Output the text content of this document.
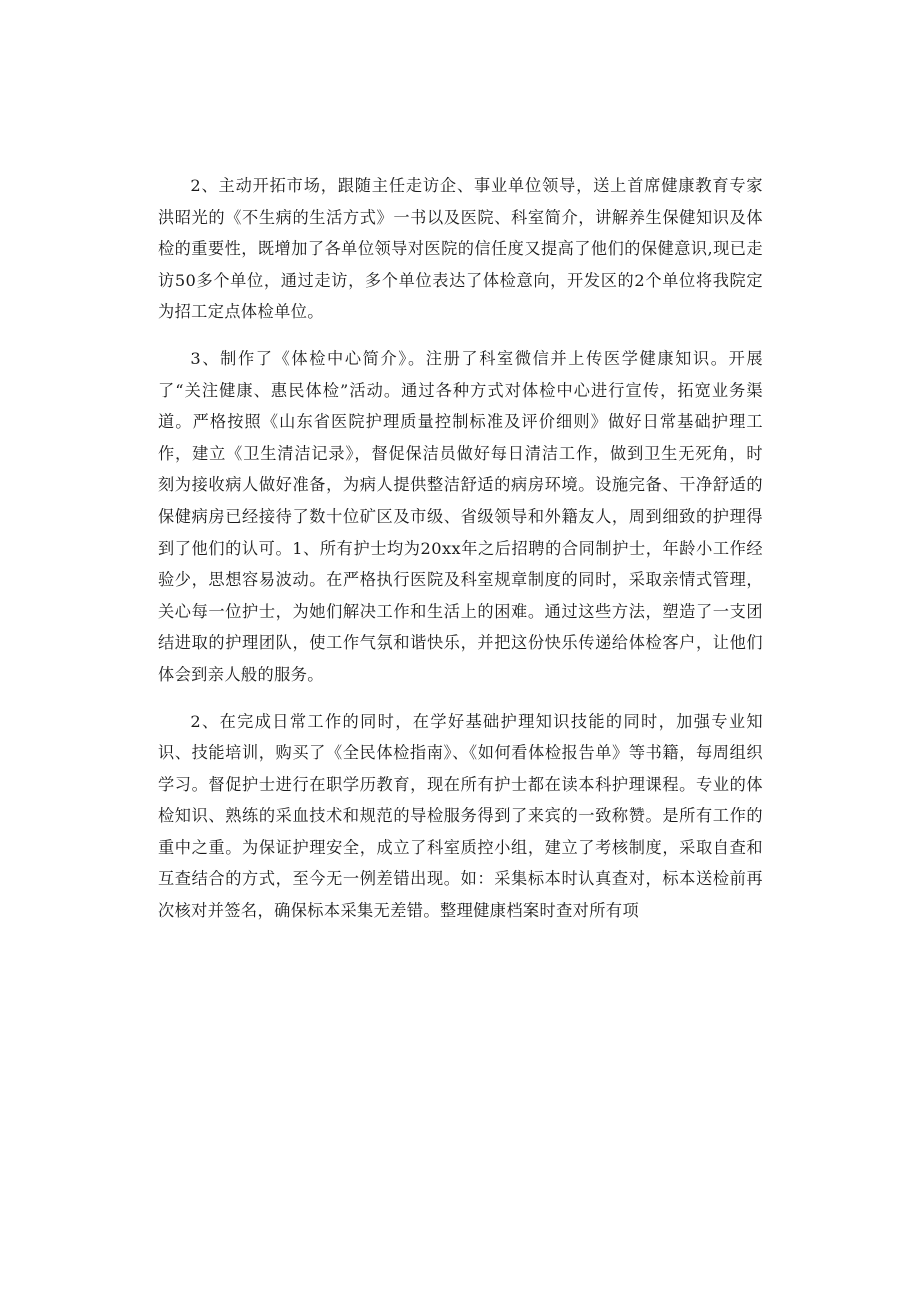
2、主动开拓市场，跟随主任走访企、事业单位领导，送上首席健康教育专家洪昭光的《不生病的生活方式》一书以及医院、科室简介，讲解养生保健知识及体检的重要性，既增加了各单位领导对医院的信任度又提高了他们的保健意识,现已走访50多个单位，通过走访，多个单位表达了体检意向，开发区的2个单位将我院定为招工定点体检单位。

3、制作了《体检中心简介》。注册了科室微信并上传医学健康知识。开展了“关注健康、惠民体检”活动。通过各种方式对体检中心进行宣传，拓宽业务渠道。严格按照《山东省医院护理质量控制标准及评价细则》做好日常基础护理工作，建立《卫生清洁记录》，督促保洁员做好每日清洁工作，做到卫生无死角，时刻为接收病人做好准备，为病人提供整洁舒适的病房环境。设施完备、干净舒适的保健病房已经接待了数十位矿区及市级、省级领导和外籍友人，周到细致的护理得到了他们的认可。1、所有护士均为20xx年之后招聘的合同制护士，年龄小工作经验少，思想容易波动。在严格执行医院及科室规章制度的同时，采取亲情式管理，关心每一位护士，为她们解决工作和生活上的困难。通过这些方法，塑造了一支团结进取的护理团队，使工作气氛和谐快乐，并把这份快乐传递给体检客户，让他们体会到亲人般的服务。

2、在完成日常工作的同时，在学好基础护理知识技能的同时，加强专业知识、技能培训，购买了《全民体检指南》、《如何看体检报告单》等书籍，每周组织学习。督促护士进行在职学历教育，现在所有护士都在读本科护理课程。专业的体检知识、熟练的采血技术和规范的导检服务得到了来宾的一致称赞。是所有工作的重中之重。为保证护理安全，成立了科室质控小组，建立了考核制度，采取自查和互查结合的方式，至今无一例差错出现。如：采集标本时认真查对，标本送检前再次核对并签名，确保标本采集无差错。整理健康档案时查对所有项
